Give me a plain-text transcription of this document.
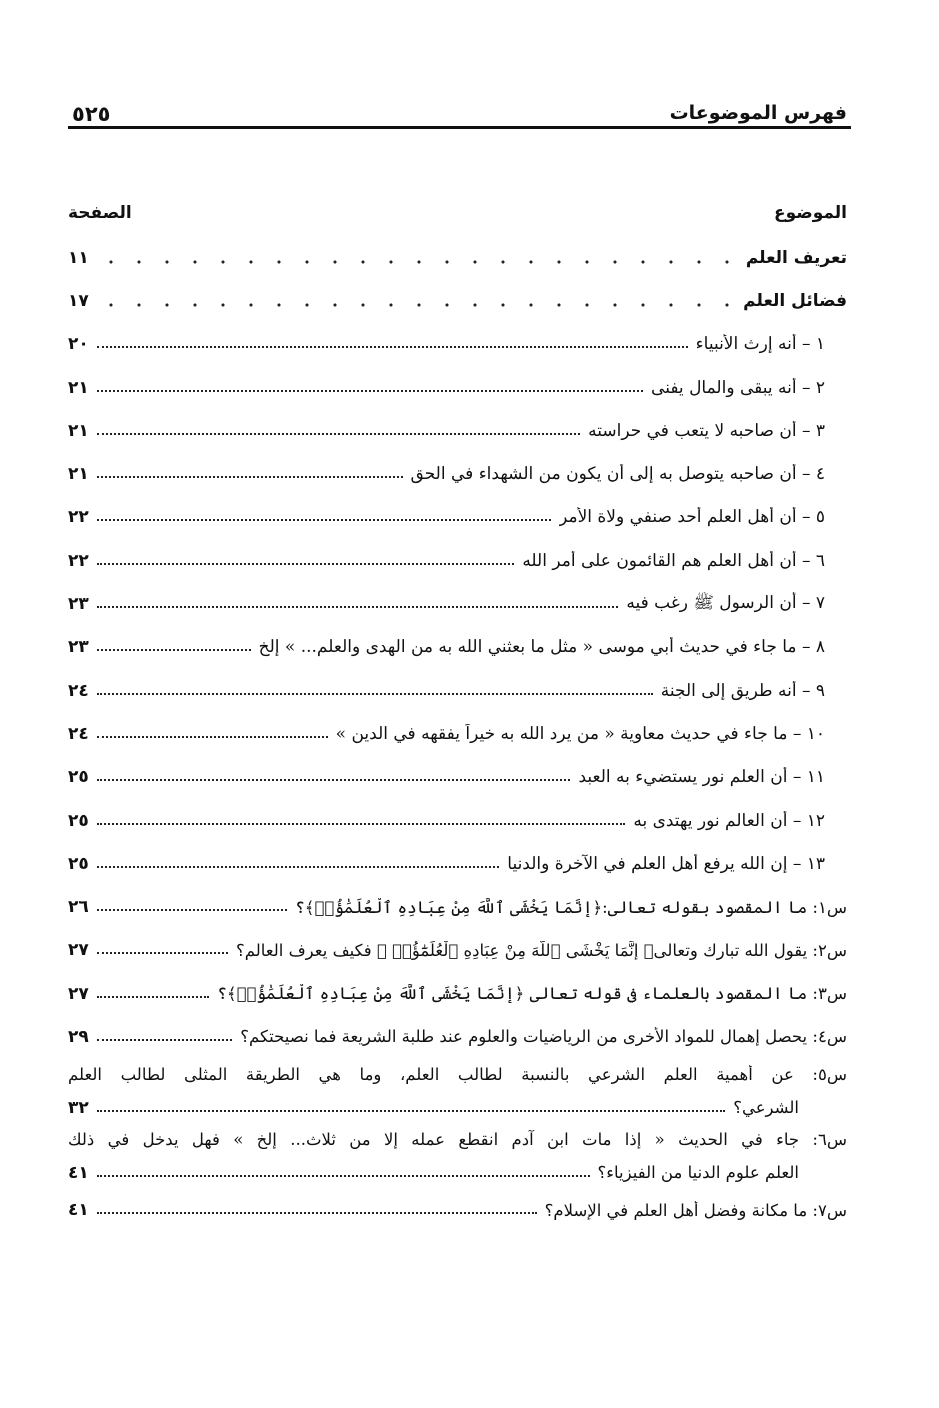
٥٢٥	فهرس الموضوعات
الموضوع
الصفحة
تعريف العلم
١١
فضائل العلم
١٧
١ – أنه إرث الأنبياء
٢٠
٢ – أنه يبقى والمال يفنى
٢١
٣ – أن صاحبه لا يتعب في حراسته
٢١
٤ – أن صاحبه يتوصل به إلى أن يكون من الشهداء في الحق
٢١
٥ – أن أهل العلم أحد صنفي ولاة الأمر
٢٢
٦ – أن أهل العلم هم القائمون على أمر الله
٢٢
٧ – أن الرسول ﷺ رغب فيه
٢٣
٨ – ما جاء في حديث أبي موسى « مثل ما بعثني الله به من الهدى والعلم... » إلخ
٢٣
٩ – أنه طريق إلى الجنة
٢٤
١٠ – ما جاء في حديث معاوية « من يرد الله به خيراً يفقهه في الدين »
٢٤
١١ – أن العلم نور يستضيء به العبد
٢٥
١٢ – أن العالم نور يهتدى به
٢٥
١٣ – إن الله يرفع أهل العلم في الآخرة والدنيا
٢٥
س١: ما المقصود بقوله تعالى:﴿إِنَّمَا يَخْشَى ٱللَّهَ مِنْ عِبَادِهِ ٱلْعُلَمَٰٓؤُا۟﴾؟
٢٦
س٢: يقول الله تبارك وتعالى﴿ إِنَّمَا يَخْشَى ٱللَّهَ مِنْ عِبَادِهِ ٱلْعُلَمَٰٓؤُا۟ ﴾ فكيف يعرف العالم؟
٢٧
س٣: ما المقصود بالعلماء في قوله تعالى ﴿إِنَّمَا يَخْشَى ٱللَّهَ مِنْ عِبَادِهِ ٱلْعُلَمَٰٓؤُا۟﴾؟
٢٧
س٤: يحصل إهمال للمواد الأخرى من الرياضيات والعلوم عند طلبة الشريعة فما نصيحتكم؟
٢٩
س٥: عن أهمية العلم الشرعي بالنسبة لطالب العلم، وما هي الطريقة المثلى لطالب العلم
الشرعي؟
٣٢
س٦: جاء في الحديث « إذا مات ابن آدم انقطع عمله إلا من ثلاث... إلخ » فهل يدخل في ذلك
العلم علوم الدنيا من الفيزياء؟
٤١
س٧: ما مكانة وفضل أهل العلم في الإسلام؟
٤١
